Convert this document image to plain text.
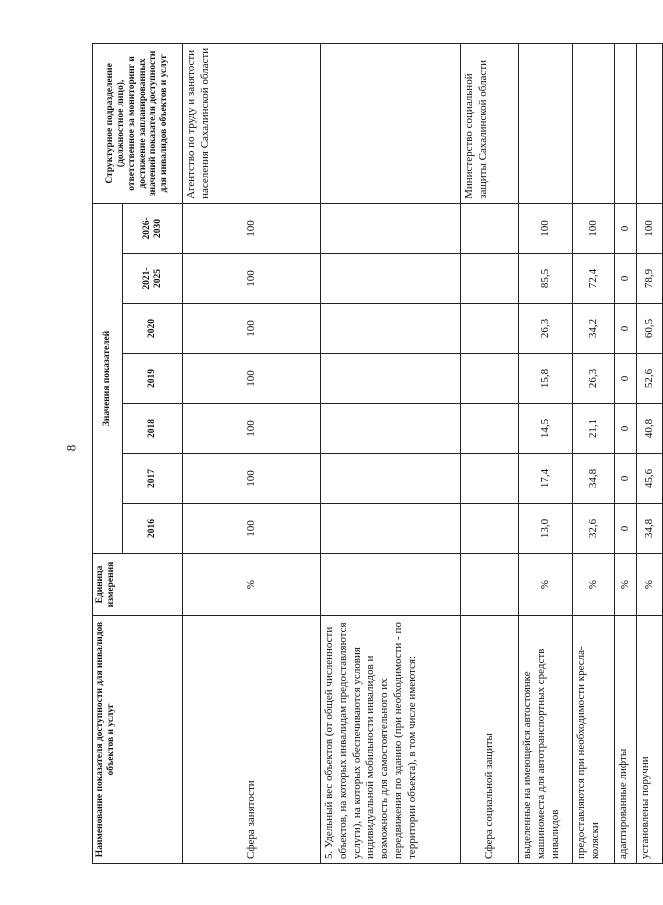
8
Наименование показателя доступности для инвалидов объектов и услуг	Единица измерения	Значения показателей							Структурное подразделение (должностное лицо), ответственное за мониторинг и достижение запланированных значений показателя доступности для инвалидов объектов и услуг
		2016	2017	2018	2019	2020	2021-2025	2026-2030	
Сфера занятости	%	100	100	100	100	100	100	100	Агентство по труду и занятости населения Сахалинской области
5. Удельный вес объектов (от общей численности объектов, на которых инвалидам предоставляются услуги), на которых обеспечиваются условия индивидуальной мобильности инвалидов и возможность для самостоятельного их передвижения по зданию (при необходимости - по территории объекта), в том числе имеются:									
Сфера социальной защиты									Министерство социальной защиты Сахалинской области
выделенные на имеющейся автостоянке машиноместа для автотранспортных средств инвалидов	%	13,0	17,4	14,5	15,8	26,3	85,5	100	
предоставляются при необходимости кресла-коляски	%	32,6	34,8	21,1	26,3	34,2	72,4	100	
адаптированные лифты	%	0	0	0	0	0	0	0	
установлены поручни	%	34,8	45,6	40,8	52,6	60,5	78,9	100	
